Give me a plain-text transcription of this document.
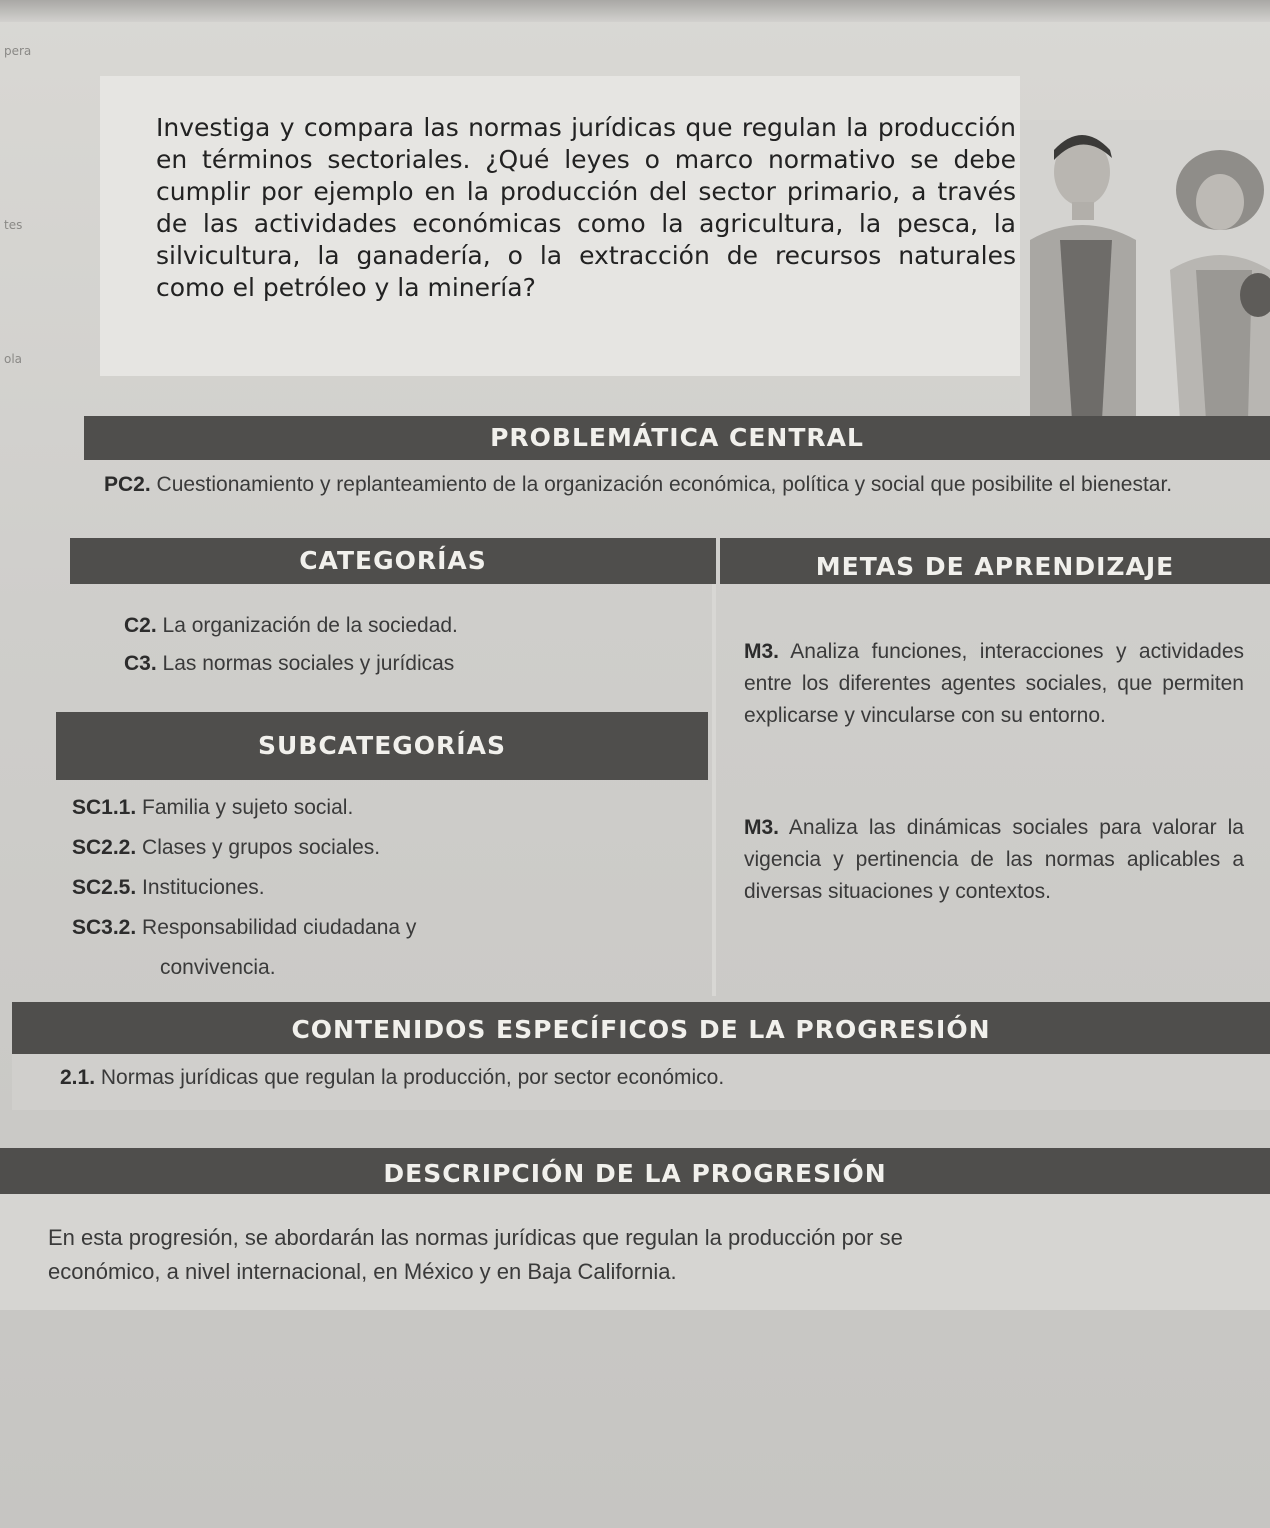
pera
tes
ola

Investiga y compara las normas jurídicas que regulan la producción en términos sectoriales. ¿Qué leyes o marco normativo se debe cumplir por ejemplo en la producción del sector primario, a través de las actividades económicas como la agricultura, la pesca, la silvicultura, la ganadería, o la extracción de recursos naturales como el petróleo y la minería?

PROBLEMÁTICA CENTRAL
PC2. Cuestionamiento y replanteamiento de la organización económica, política y social que posibilite el bienestar.
CATEGORÍAS	METAS DE APRENDIZAJE
C2. La organización de la sociedad.
C3. Las normas sociales y jurídicas
SUBCATEGORÍAS
SC1.1. Familia y sujeto social.
SC2.2. Clases y grupos sociales.
SC2.5. Instituciones.
SC3.2. Responsabilidad ciudadana y
convivencia.
M3. Analiza funciones, interacciones y actividades entre los diferentes agentes sociales, que permiten explicarse y vincularse con su entorno.
M3. Analiza las dinámicas sociales para valorar la vigencia y pertinencia de las normas aplicables a diversas situaciones y contextos.
CONTENIDOS ESPECÍFICOS DE LA PROGRESIÓN
2.1. Normas jurídicas que regulan la producción, por sector económico.
DESCRIPCIÓN DE LA PROGRESIÓN
En esta progresión, se abordarán las normas jurídicas que regulan la producción por se
económico, a nivel internacional, en México y en Baja California.
